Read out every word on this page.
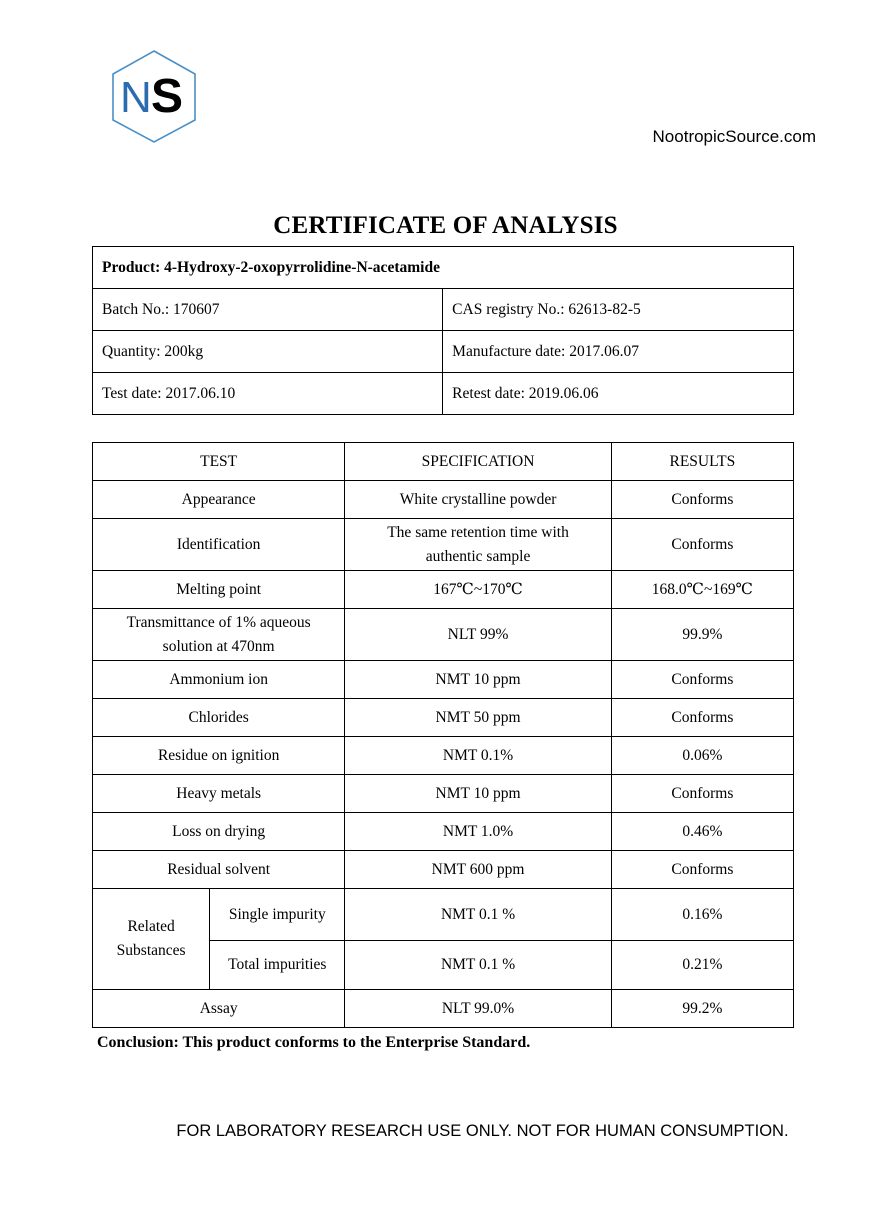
N S
NootropicSource.com
CERTIFICATE OF ANALYSIS
Product: 4-Hydroxy-2-oxopyrrolidine-N-acetamide	
Batch No.: 170607	CAS registry No.: 62613-82-5
Quantity: 200kg	Manufacture date: 2017.06.07
Test date: 2017.06.10	Retest date: 2019.06.06
TEST		SPECIFICATION	RESULTS
Appearance		White crystalline powder	Conforms
Identification		The same retention time with
authentic sample	Conforms
Melting point		167℃~170℃	168.0℃~169℃

Transmittance of 1% aqueous
solution at 470nm		NLT 99%	99.9%
Ammonium ion		NMT 10 ppm	Conforms
Chlorides		NMT 50 ppm	Conforms
Residue on ignition		NMT 0.1%	0.06%
Heavy metals		NMT 10 ppm	Conforms
Loss on drying		NMT 1.0%	0.46%
Residual solvent		NMT 600 ppm	Conforms

Related
Substances	Single impurity	NMT 0.1 %	0.16%
	Total impurities	NMT 0.1 %	0.21%
Assay		NLT 99.0%	99.2%
Conclusion: This product conforms to the Enterprise Standard.
FOR LABORATORY RESEARCH USE ONLY. NOT FOR HUMAN CONSUMPTION.
